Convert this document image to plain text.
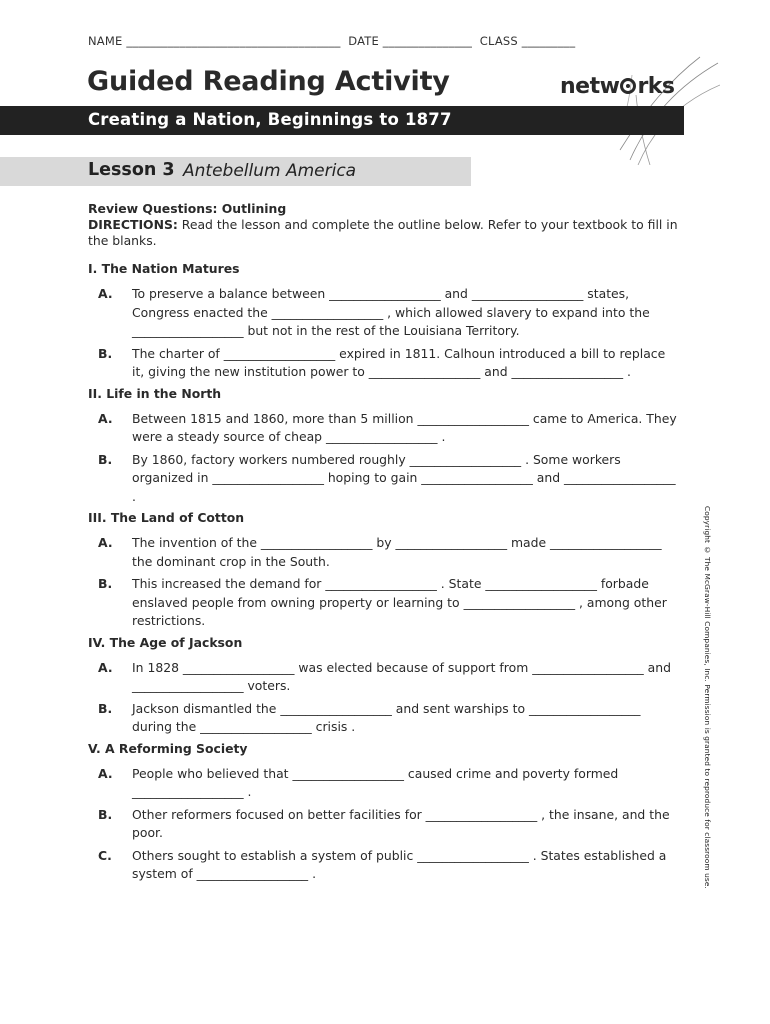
NAME ____________________________________  DATE _______________  CLASS _________
Guided Reading Activity	netw rks
Creating a Nation, Beginnings to 1877
Lesson 3 Antebellum America
Review Questions: Outlining
DIRECTIONS: Read the lesson and complete the outline below. Refer to your textbook to fill in the blanks.
I. The Nation Matures
A. To preserve a balance between __________________ and __________________ states, Congress enacted the __________________ , which allowed slavery to expand into the __________________ but not in the rest of the Louisiana Territory.
B. The charter of __________________ expired in 1811. Calhoun introduced a bill to replace it, giving the new institution power to __________________ and __________________ .
II. Life in the North
A. Between 1815 and 1860, more than 5 million __________________ came to America. They were a steady source of cheap __________________ .
B. By 1860, factory workers numbered roughly __________________ . Some workers organized in __________________ hoping to gain __________________ and __________________ .
III. The Land of Cotton
A. The invention of the __________________ by __________________ made __________________ the dominant crop in the South.
B. This increased the demand for __________________ . State __________________ forbade enslaved people from owning property or learning to __________________ , among other restrictions.
IV. The Age of Jackson
A. In 1828 __________________ was elected because of support from __________________ and __________________ voters.
B. Jackson dismantled the __________________ and sent warships to __________________ during the __________________ crisis .
V. A Reforming Society
A. People who believed that __________________ caused crime and poverty formed __________________ .
B. Other reformers focused on better facilities for __________________ , the insane, and the poor.
C. Others sought to establish a system of public __________________ . States established a system of __________________ .	Copyright © The McGraw-Hill Companies, Inc. Permission is granted to reproduce for classroom use.
